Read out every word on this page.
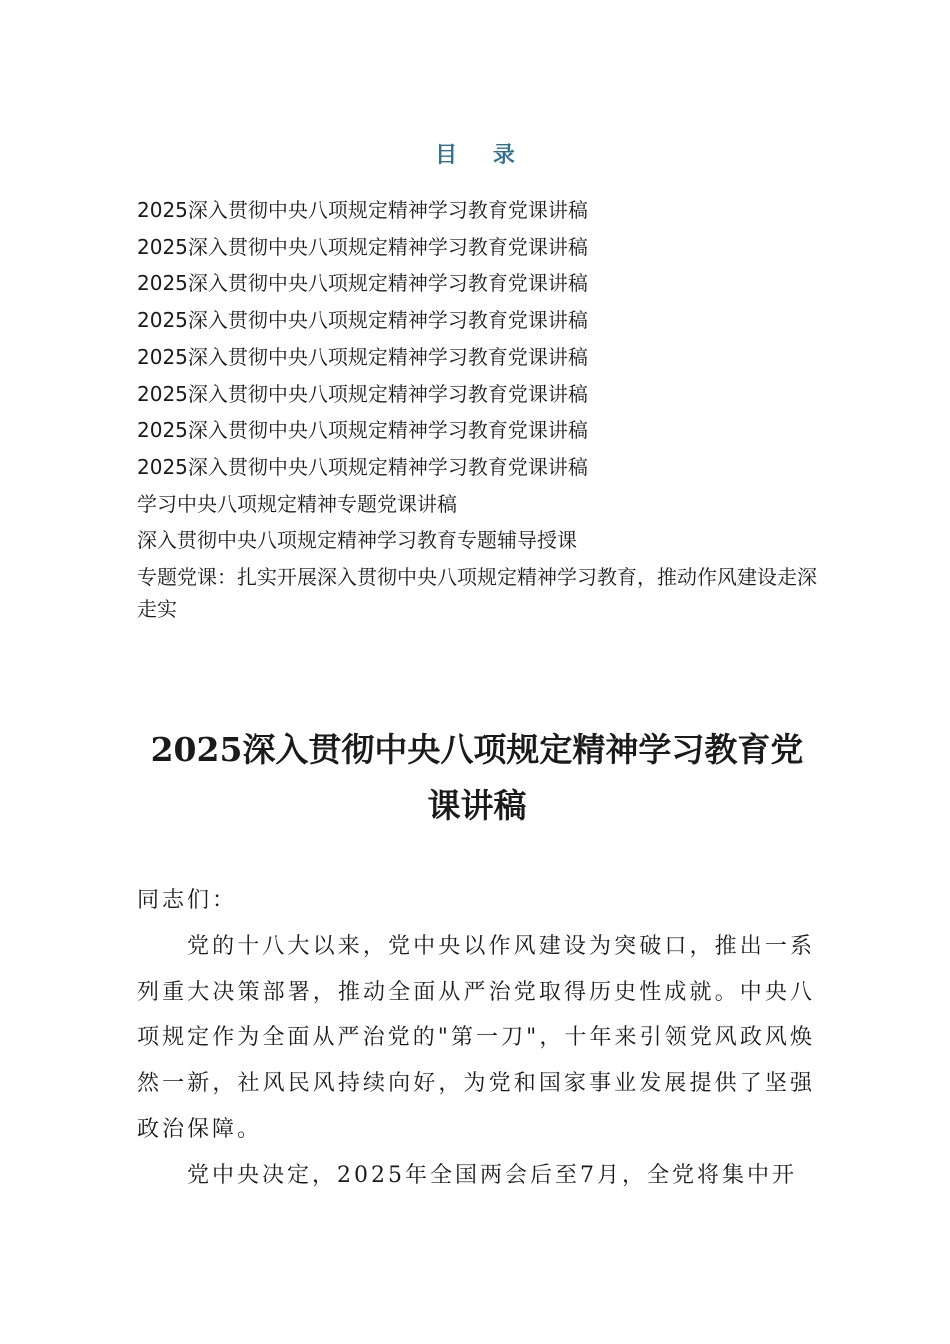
目 录
2025深入贯彻中央八项规定精神学习教育党课讲稿
2025深入贯彻中央八项规定精神学习教育党课讲稿
2025深入贯彻中央八项规定精神学习教育党课讲稿
2025深入贯彻中央八项规定精神学习教育党课讲稿
2025深入贯彻中央八项规定精神学习教育党课讲稿
2025深入贯彻中央八项规定精神学习教育党课讲稿
2025深入贯彻中央八项规定精神学习教育党课讲稿
2025深入贯彻中央八项规定精神学习教育党课讲稿
学习中央八项规定精神专题党课讲稿
深入贯彻中央八项规定精神学习教育专题辅导授课
专题党课：扎实开展深入贯彻中央八项规定精神学习教育，推动作风建设走深走实
2025深入贯彻中央八项规定精神学习教育党课讲稿

同志们：

党的十八大以来，党中央以作风建设为突破口，推出一系列重大决策部署，推动全面从严治党取得历史性成就。中央八项规定作为全面从严治党的"第一刀"，十年来引领党风政风焕然一新，社风民风持续向好，为党和国家事业发展提供了坚强政治保障。

党中央决定，2025年全国两会后至7月，全党将集中开
